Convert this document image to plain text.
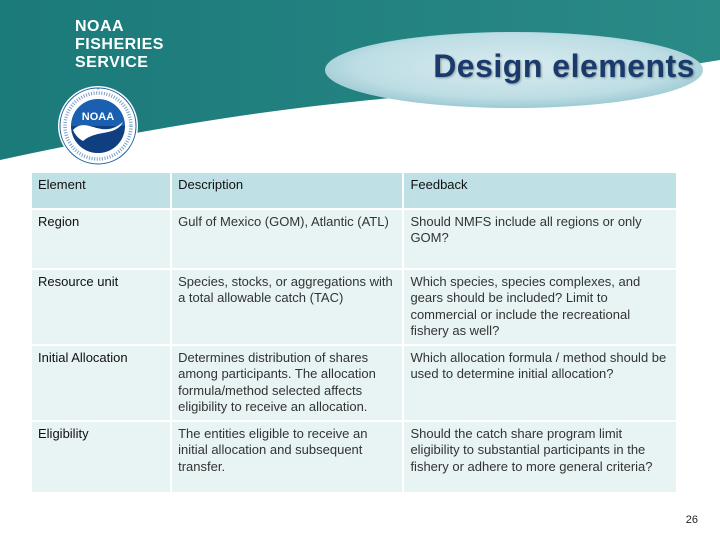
NOAA
FISHERIES
SERVICE
NOAA
Design elements
Element	Description	Feedback
Region	Gulf of Mexico (GOM), Atlantic (ATL)	Should NMFS include all regions or only GOM?
Resource unit	Species, stocks, or aggregations with a total allowable catch (TAC)	Which species, species complexes, and gears should be included? Limit to commercial or include the recreational fishery as well?
Initial Allocation	Determines distribution of shares among participants. The allocation formula/method selected affects eligibility to receive an allocation.	Which allocation formula / method should be used to determine initial allocation?
Eligibility	The entities eligible to receive an initial allocation and subsequent transfer.	Should the catch share program limit eligibility to substantial participants in the fishery or adhere to more general criteria?
26
